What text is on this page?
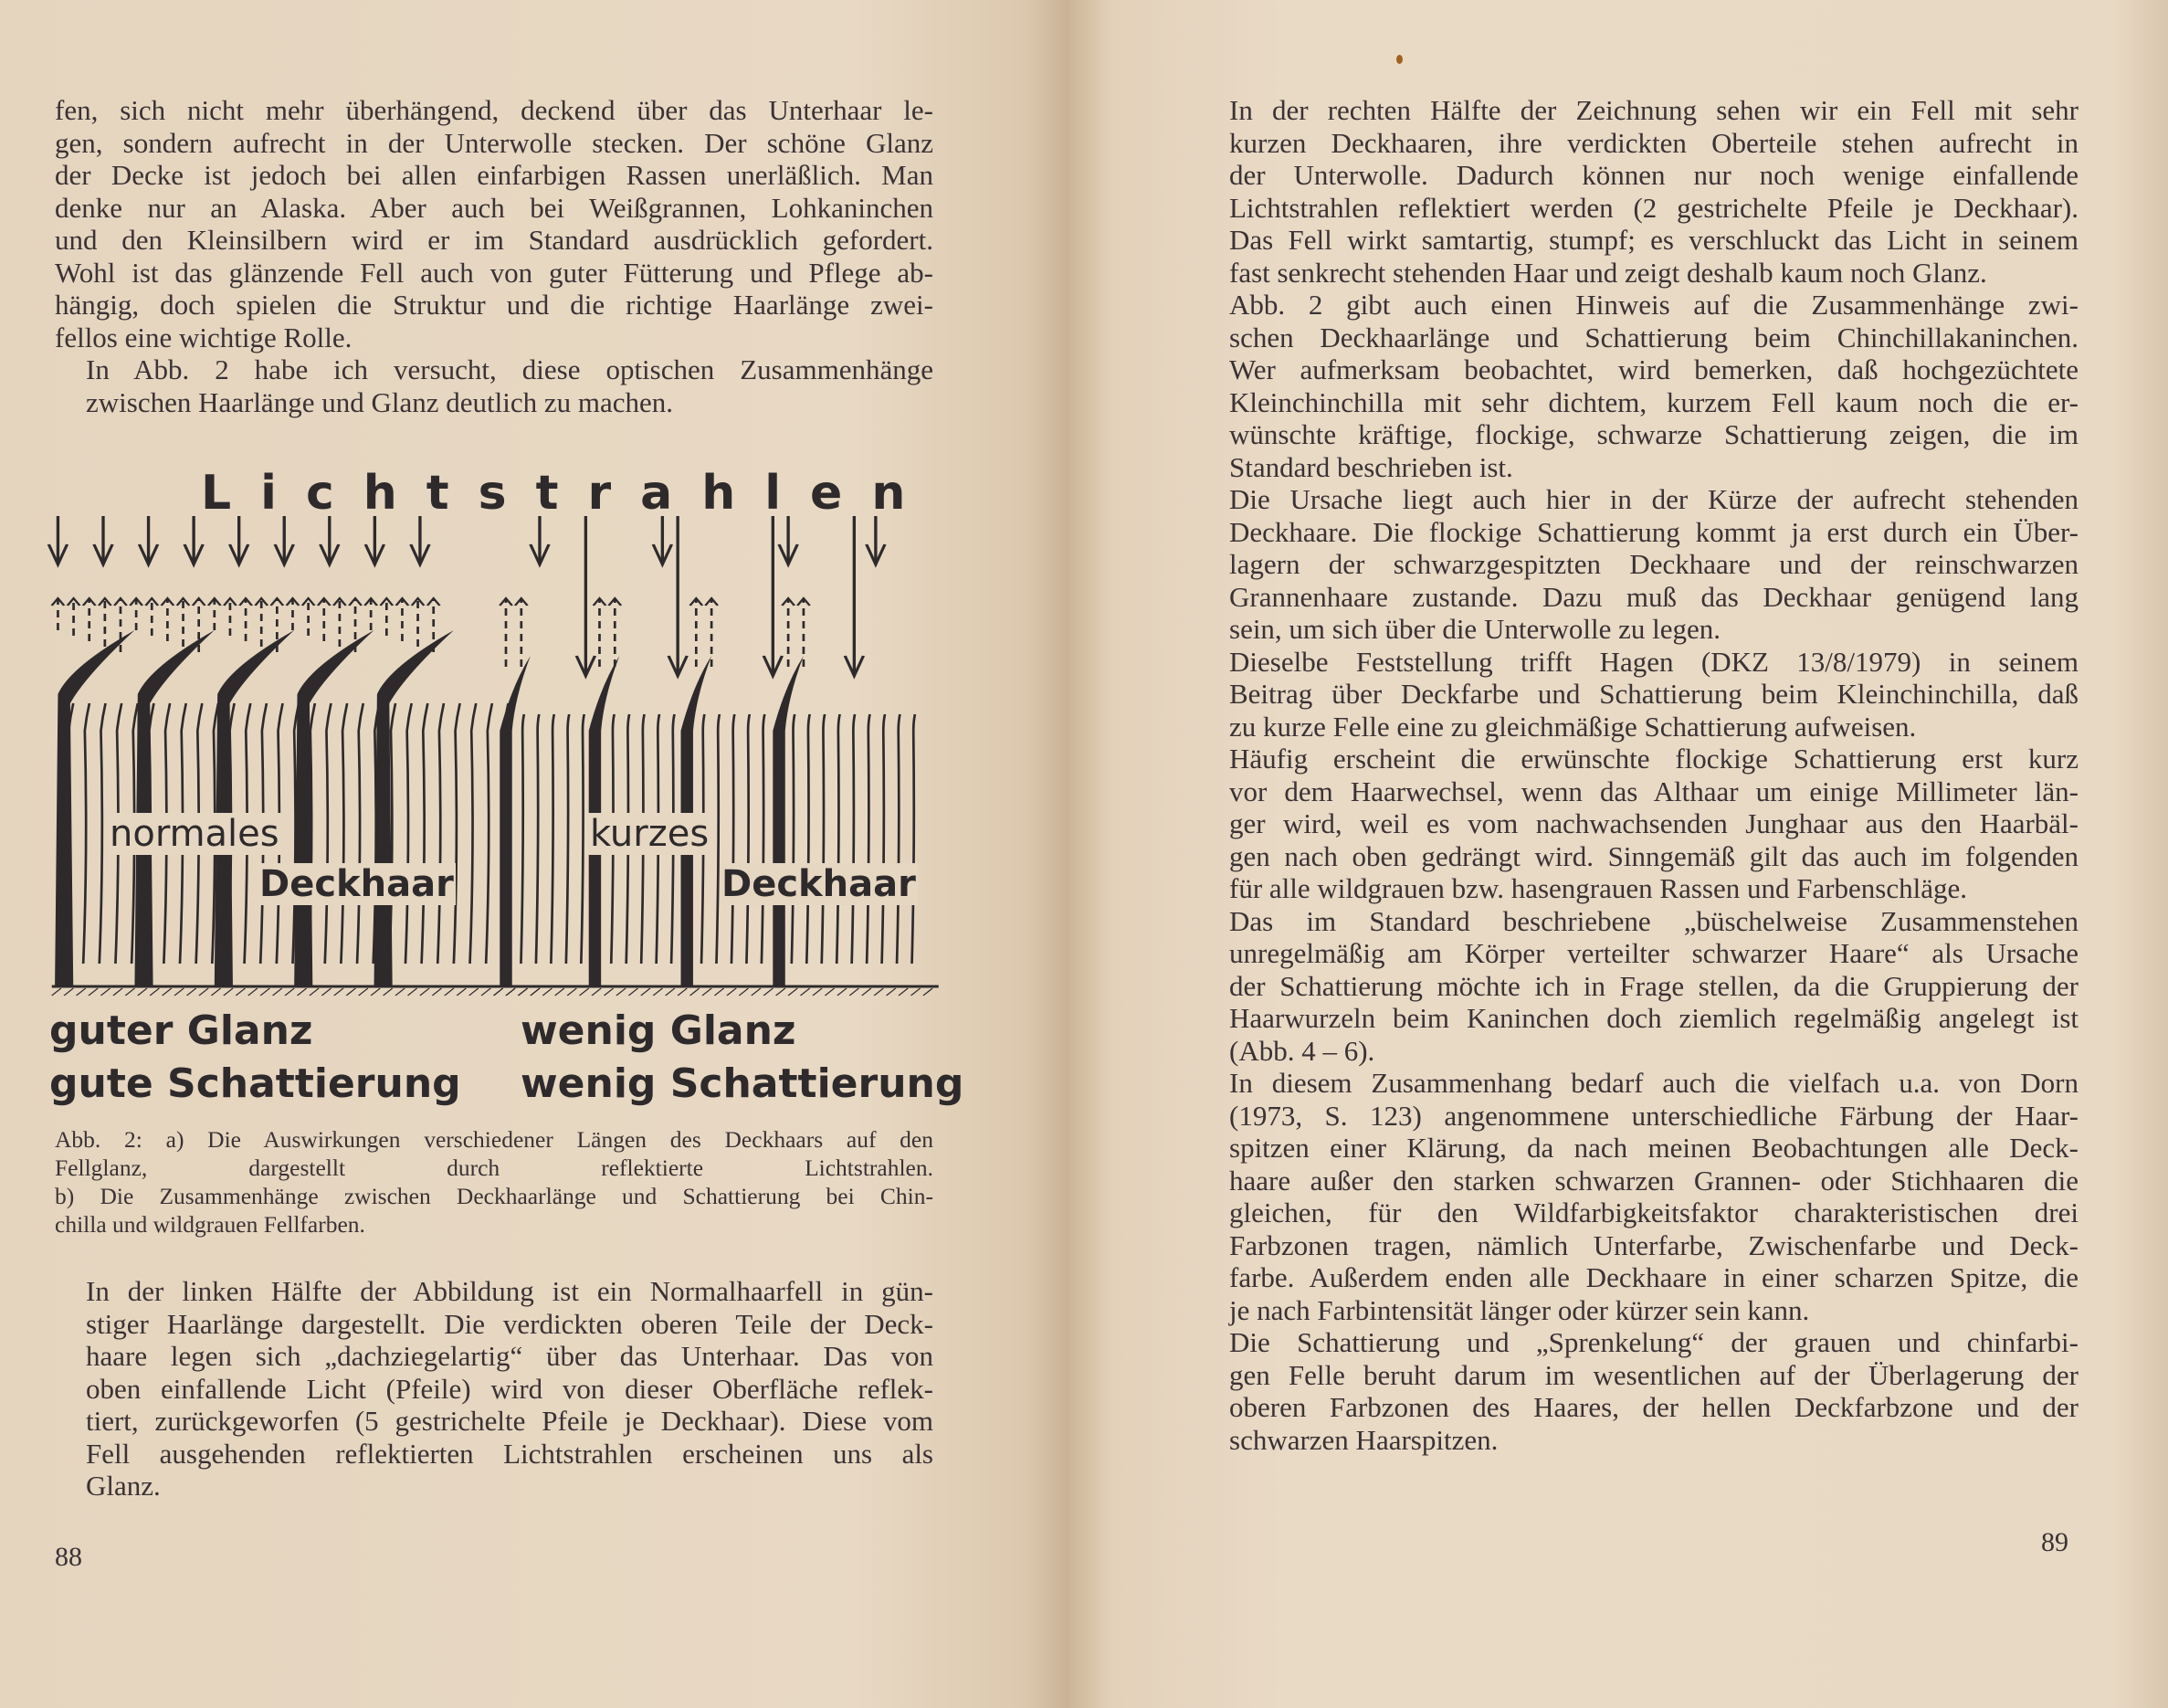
fen, sich nicht mehr überhängend, deckend über das Unterhaar le-
gen, sondern aufrecht in der Unterwolle stecken. Der schöne Glanz
der Decke ist jedoch bei allen einfarbigen Rassen unerläßlich. Man
denke nur an Alaska. Aber auch bei Weißgrannen, Lohkaninchen
und den Kleinsilbern wird er im Standard ausdrücklich gefordert.
Wohl ist das glänzende Fell auch von guter Fütterung und Pflege ab-
hängig, doch spielen die Struktur und die richtige Haarlänge zwei-
fellos eine wichtige Rolle.

In Abb. 2 habe ich versucht, diese optischen Zusammenhänge
zwischen Haarlänge und Glanz deutlich zu machen.

Lichtstrahlen
normales
Deckhaar
kurzes
Deckhaar
guter Glanz
gute Schattierung
wenig Glanz
wenig Schattierung
Abb. 2: a) Die Auswirkungen verschiedener Längen des Deckhaars auf den
Fellglanz, dargestellt durch reflektierte Lichtstrahlen.
b) Die Zusammenhänge zwischen Deckhaarlänge und Schattierung bei Chin-
chilla und wildgrauen Fellfarben.

In der linken Hälfte der Abbildung ist ein Normalhaarfell in gün-
stiger Haarlänge dargestellt. Die verdickten oberen Teile der Deck-
haare legen sich „dachziegelartig“ über das Unterhaar. Das von
oben einfallende Licht (Pfeile) wird von dieser Oberfläche reflek-
tiert, zurückgeworfen (5 gestrichelte Pfeile je Deckhaar). Diese vom
Fell ausgehenden reflektierten Lichtstrahlen erscheinen uns als
Glanz.

88

In der rechten Hälfte der Zeichnung sehen wir ein Fell mit sehr
kurzen Deckhaaren, ihre verdickten Oberteile stehen aufrecht in
der Unterwolle. Dadurch können nur noch wenige einfallende
Lichtstrahlen reflektiert werden (2 gestrichelte Pfeile je Deckhaar).
Das Fell wirkt samtartig, stumpf; es verschluckt das Licht in seinem
fast senkrecht stehenden Haar und zeigt deshalb kaum noch Glanz.

Abb. 2 gibt auch einen Hinweis auf die Zusammenhänge zwi-
schen Deckhaarlänge und Schattierung beim Chinchillakaninchen.
Wer aufmerksam beobachtet, wird bemerken, daß hochgezüchtete
Kleinchinchilla mit sehr dichtem, kurzem Fell kaum noch die er-
wünschte kräftige, flockige, schwarze Schattierung zeigen, die im
Standard beschrieben ist.

Die Ursache liegt auch hier in der Kürze der aufrecht stehenden
Deckhaare. Die flockige Schattierung kommt ja erst durch ein Über-
lagern der schwarzgespitzten Deckhaare und der reinschwarzen
Grannenhaare zustande. Dazu muß das Deckhaar genügend lang
sein, um sich über die Unterwolle zu legen.

Dieselbe Feststellung trifft Hagen (DKZ 13/8/1979) in seinem
Beitrag über Deckfarbe und Schattierung beim Kleinchinchilla, daß
zu kurze Felle eine zu gleichmäßige Schattierung aufweisen.

Häufig erscheint die erwünschte flockige Schattierung erst kurz
vor dem Haarwechsel, wenn das Althaar um einige Millimeter län-
ger wird, weil es vom nachwachsenden Junghaar aus den Haarbäl-
gen nach oben gedrängt wird. Sinngemäß gilt das auch im folgenden
für alle wildgrauen bzw. hasengrauen Rassen und Farbenschläge.

Das im Standard beschriebene „büschelweise Zusammenstehen
unregelmäßig am Körper verteilter schwarzer Haare“ als Ursache
der Schattierung möchte ich in Frage stellen, da die Gruppierung der
Haarwurzeln beim Kaninchen doch ziemlich regelmäßig angelegt ist
(Abb. 4 – 6).

In diesem Zusammenhang bedarf auch die vielfach u.a. von Dorn
(1973, S. 123) angenommene unterschiedliche Färbung der Haar-
spitzen einer Klärung, da nach meinen Beobachtungen alle Deck-
haare außer den starken schwarzen Grannen- oder Stichhaaren die
gleichen, für den Wildfarbigkeitsfaktor charakteristischen drei
Farbzonen tragen, nämlich Unterfarbe, Zwischenfarbe und Deck-
farbe. Außerdem enden alle Deckhaare in einer scharzen Spitze, die
je nach Farbintensität länger oder kürzer sein kann.

Die Schattierung und „Sprenkelung“ der grauen und chinfarbi-
gen Felle beruht darum im wesentlichen auf der Überlagerung der
oberen Farbzonen des Haares, der hellen Deckfarbzone und der
schwarzen Haarspitzen.

89
